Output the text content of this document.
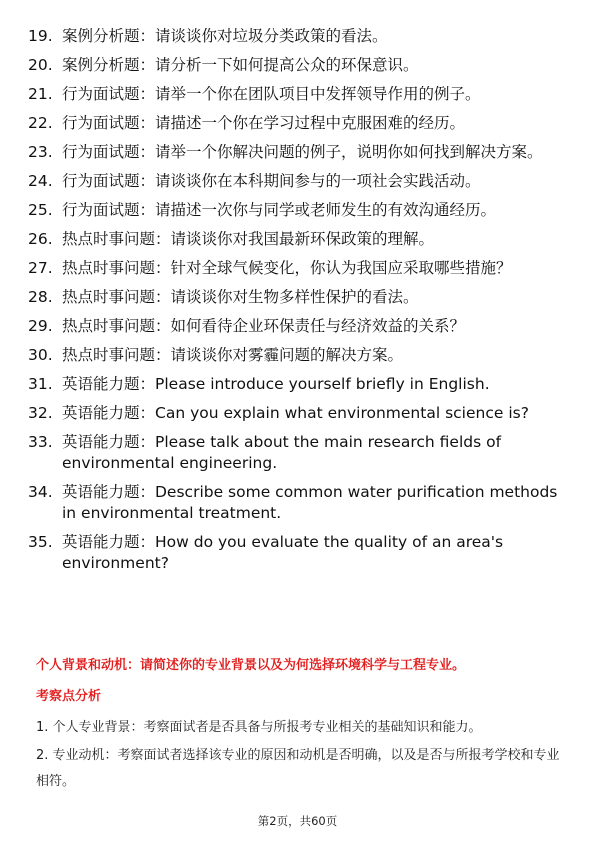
19. 案例分析题：请谈谈你对垃圾分类政策的看法。
20. 案例分析题：请分析一下如何提高公众的环保意识。
21. 行为面试题：请举一个你在团队项目中发挥领导作用的例子。
22. 行为面试题：请描述一个你在学习过程中克服困难的经历。
23. 行为面试题：请举一个你解决问题的例子，说明你如何找到解决方案。
24. 行为面试题：请谈谈你在本科期间参与的一项社会实践活动。
25. 行为面试题：请描述一次你与同学或老师发生的有效沟通经历。
26. 热点时事问题：请谈谈你对我国最新环保政策的理解。
27. 热点时事问题：针对全球气候变化，你认为我国应采取哪些措施？
28. 热点时事问题：请谈谈你对生物多样性保护的看法。
29. 热点时事问题：如何看待企业环保责任与经济效益的关系？
30. 热点时事问题：请谈谈你对雾霾问题的解决方案。
31. 英语能力题：Please introduce yourself briefly in English.
32. 英语能力题：Can you explain what environmental science is?
33. 英语能力题：Please talk about the main research fields of environmental engineering.
34. 英语能力题：Describe some common water purification methods in environmental treatment.
35. 英语能力题：How do you evaluate the quality of an area's environment?
个人背景和动机：请简述你的专业背景以及为何选择环境科学与工程专业。
考察点分析

1. 个人专业背景：考察面试者是否具备与所报考专业相关的基础知识和能力。

2. 专业动机：考察面试者选择该专业的原因和动机是否明确，以及是否与所报考学校和专业相符。

第2页，共60页
